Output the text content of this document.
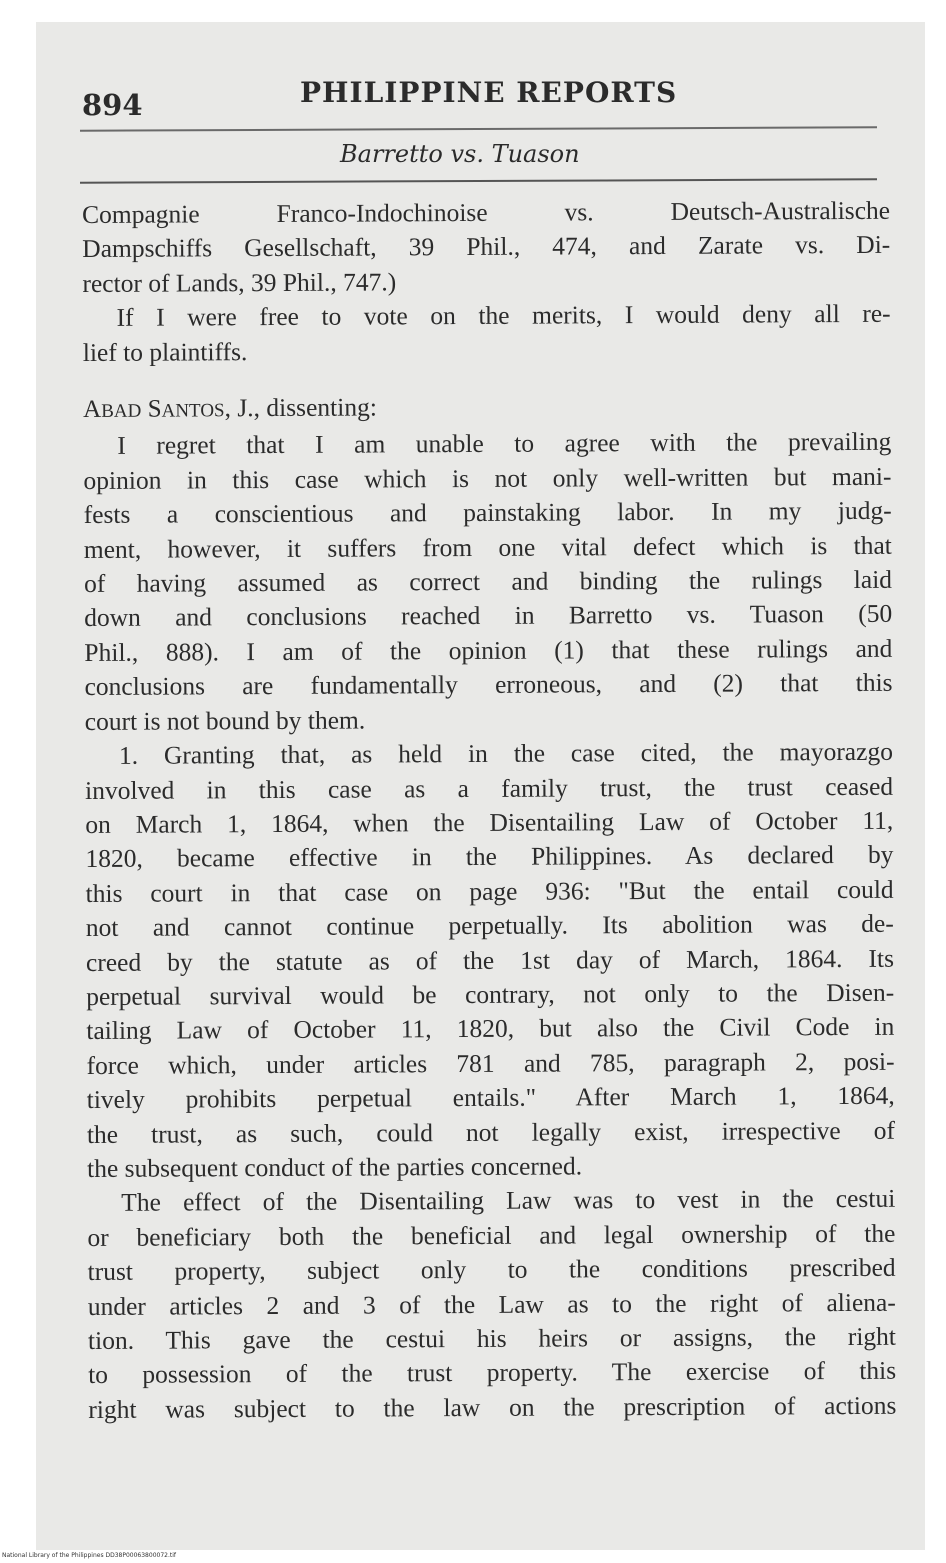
894	PHILIPPINE REPORTS
Barretto vs. Tuason

Compagnie Franco-Indochinoise vs. Deutsch-Australische
Dampschiffs Gesellschaft, 39 Phil., 474, and Zarate vs. Di-
rector of Lands, 39 Phil., 747.)

If I were free to vote on the merits, I would deny all re-
lief to plaintiffs.

ABAD SANTOS, J., dissenting:

I regret that I am unable to agree with the prevailing
opinion in this case which is not only well-written but mani-
fests a conscientious and painstaking labor. In my judg-
ment, however, it suffers from one vital defect which is that
of having assumed as correct and binding the rulings laid
down and conclusions reached in Barretto vs. Tuason (50
Phil., 888). I am of the opinion (1) that these rulings and
conclusions are fundamentally erroneous, and (2) that this
court is not bound by them.

1. Granting that, as held in the case cited, the mayorazgo
involved in this case as a family trust, the trust ceased
on March 1, 1864, when the Disentailing Law of October 11,
1820, became effective in the Philippines. As declared by
this court in that case on page 936: "But the entail could
not and cannot continue perpetually. Its abolition was de-
creed by the statute as of the 1st day of March, 1864. Its
perpetual survival would be contrary, not only to the Disen-
tailing Law of October 11, 1820, but also the Civil Code in
force which, under articles 781 and 785, paragraph 2, posi-
tively prohibits perpetual entails." After March 1, 1864,
the trust, as such, could not legally exist, irrespective of
the subsequent conduct of the parties concerned.

The effect of the Disentailing Law was to vest in the cestui
or beneficiary both the beneficial and legal ownership of the
trust property, subject only to the conditions prescribed
under articles 2 and 3 of the Law as to the right of aliena-
tion. This gave the cestui his heirs or assigns, the right
to possession of the trust property. The exercise of this
right was subject to the law on the prescription of actions

National Library of the Philippines DD38P00063800072.tif
